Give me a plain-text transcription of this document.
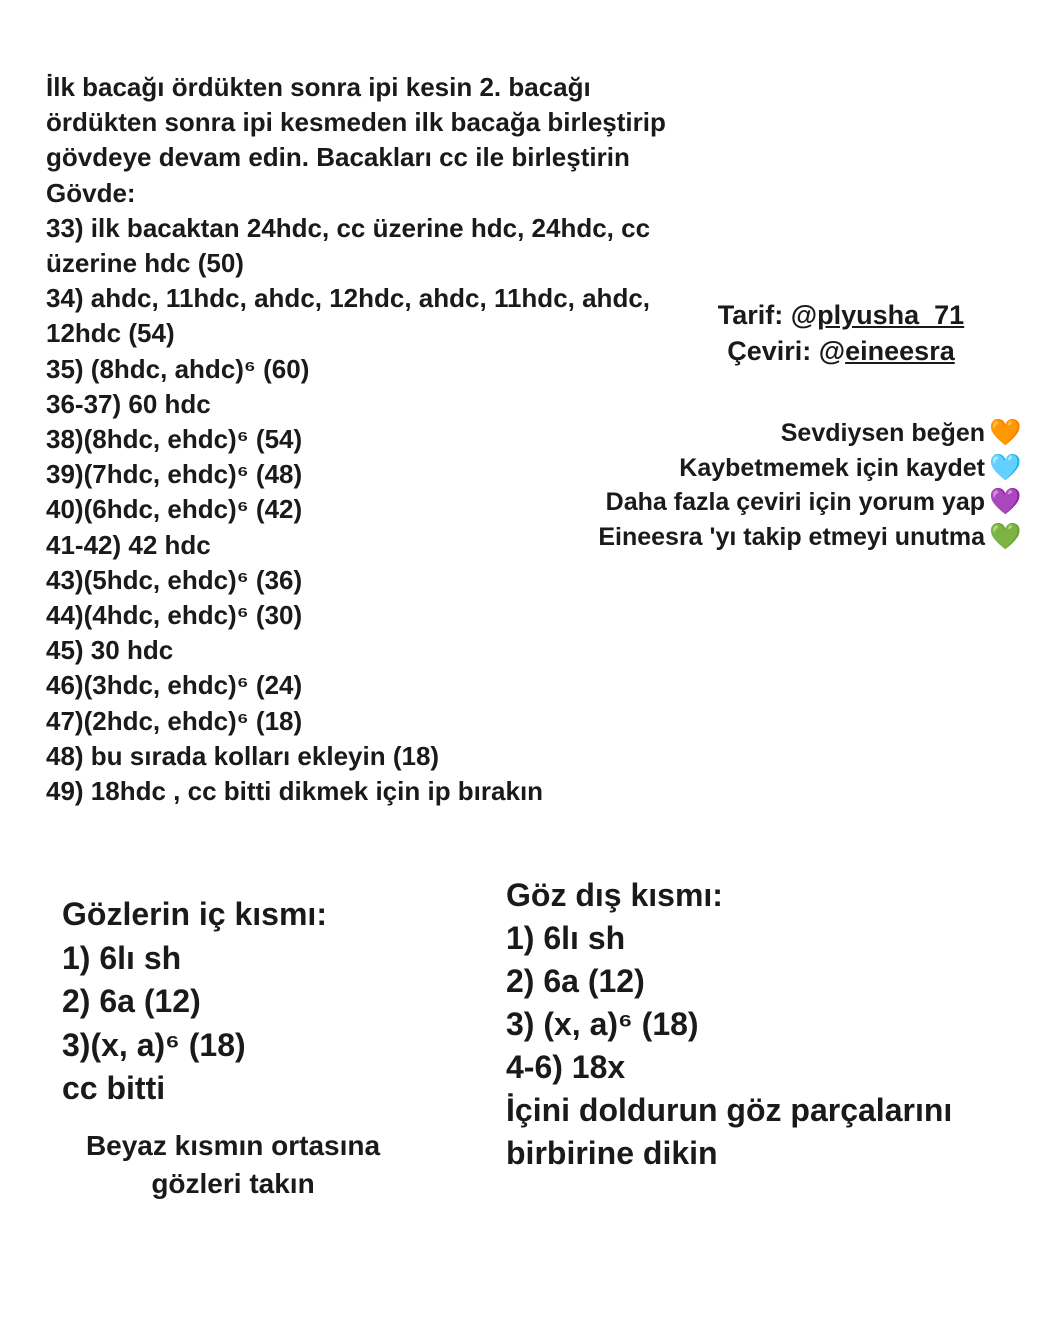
İlk bacağı ördükten sonra ipi kesin 2. bacağı
ördükten sonra ipi kesmeden ilk bacağa birleştirip
gövdeye devam edin. Bacakları cc ile birleştirin
Gövde:
33) ilk bacaktan 24hdc, cc üzerine hdc, 24hdc, cc
üzerine hdc (50)
34) ahdc, 11hdc, ahdc, 12hdc, ahdc, 11hdc, ahdc,
12hdc (54)
35) (8hdc, ahdc)⁶ (60)
36-37) 60 hdc
38)(8hdc, ehdc)⁶ (54)
39)(7hdc, ehdc)⁶ (48)
40)(6hdc, ehdc)⁶ (42)
41-42) 42 hdc
43)(5hdc, ehdc)⁶ (36)
44)(4hdc, ehdc)⁶ (30)
45) 30 hdc
46)(3hdc, ehdc)⁶ (24)
47)(2hdc, ehdc)⁶ (18)
48) bu sırada kolları ekleyin (18)
49) 18hdc , cc bitti dikmek için ip bırakın
Tarif: @plyusha_71
Çeviri: @eineesra
Sevdiysen beğen 🧡
Kaybetmemek için kaydet 🩵
Daha fazla çeviri için yorum yap 💜
Eineesra 'yı takip etmeyi unutma 💚
Gözlerin iç kısmı:
1) 6lı sh
2) 6a (12)
3)(x, a)⁶ (18)
cc bitti
Beyaz kısmın ortasına
gözleri takın
Göz dış kısmı:
1) 6lı sh
2) 6a (12)
3) (x, a)⁶ (18)
4-6) 18x
İçini doldurun göz parçalarını
birbirine dikin
